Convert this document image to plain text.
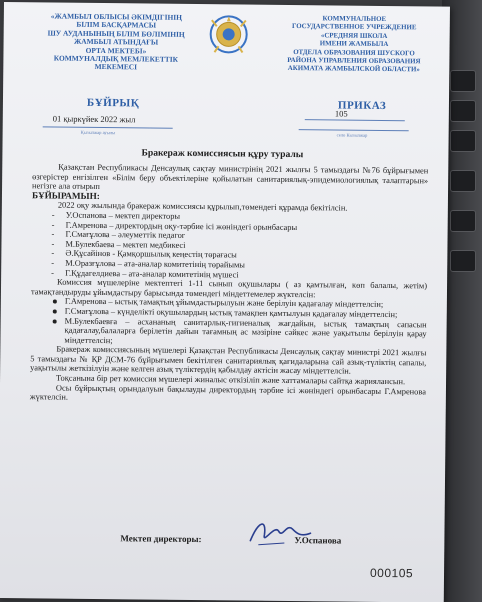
«ЖАМБЫЛ ОБЛЫСЫ ӘКІМДІГІНІҢ
БІЛІМ БАСҚАРМАСЫ
ШУ АУДАНЫНЫҢ БІЛІМ БӨЛІМІНІҢ
ЖАМБЫЛ АТЫНДАҒЫ
ОРТА МЕКТЕБІ»
КОММУНАЛДЫҚ МЕМЛЕКЕТТІК
МЕКЕМЕСІ
КОММУНАЛЬНОЕ
ГОСУДАРСТВЕННОЕ УЧРЕЖДЕНИЕ
«СРЕДНЯЯ ШКОЛА
ИМЕНИ ЖАМБЫЛА
ОТДЕЛА ОБРАЗОВАНИЯ ШУСКОГО
РАЙОНА УПРАВЛЕНИЯ ОБРАЗОВАНИЯ
АКИМАТА ЖАМБЫЛСКОЙ ОБЛАСТИ»
БҰЙРЫҚ	ПРИКАЗ
01 қыркүйек 2022 жыл
Қызылжар ауылы
105
село Кызылжар
Бракераж комиссиясын құру туралы

Қазақстан Республикасы Денсаулық сақтау министрінің 2021 жылғы 5 тамыздағы №76 бұйрығымен өзгерістер енгізілген «Білім беру объектілеріне қойылатын санитариялық-эпидемиологиялық талаптарын» негізге ала отырып

БҰЙЫРАМЫН:

2022 оқу жылында бракераж комиссиясы құрылып,төмендегі құрамда бекітілсін.

- У.Оспанова – мектеп директоры
- Г.Амренова – директордың оқу-тәрбие ісі жөніндегі орынбасары
- Г.Смағұлова – әлеуметтік педагог
- М.Булекбаева – мектеп медбикесі
- Ә.Құсайінов - Қамқоршылық кеңестің төрағасы
- М.Оразғұлова – ата-аналар комитетінің төрайымы
- Г.Құдагелдиева – ата-аналар комитетінің мүшесі

Комиссия мүшелеріне мектептегі 1-11 сынып оқушылары ( аз қамтылған, көп балалы, жетім) тамақтандыруды ұйымдастыру барысында төмендегі міндеттемелер жүктелсін:

Г.Амренова – ыстық тамақтың ұйымдастырылуын және берілуін қадағалау міндеттелсін;
Г.Смағұлова – күнделікті оқушылардың ыстық тамақпен қамтылуын қадағалау міндеттелсін;
М.Булекбаевға – асхананың санитарлық-гигиеналық жағдайын, ыстық тамақтың сапасын қадағалау,балаларға берілетін дайын тағамның ас мәзіріне сәйкес және уақытылы берілуін қарау міндеттелсін;

Бракераж комиссиясының мүшелері Қазақстан Республикасы Денсаулық сақтау министрі 2021 жылғы 5 тамыздағы № ҚР ДСМ-76 бұйрығымен бекітілген санитариялық қағидаларына сай азық-түліктің сапалы, уақытылы жеткізілуін және келген азық түліктердің қабылдау актісін жасау міндеттелсін.

Тоқсанына бір рет комиссия мүшелері жиналыс өткізіліп және хаттамалары сайтқа жариялансын.

Осы бұйрықтың орындалуын бақылауды директордың тәрбие ісі жөніндегі орынбасары Г.Амренова жүктелсін.

Мектеп директоры:	У.Оспанова
000105
